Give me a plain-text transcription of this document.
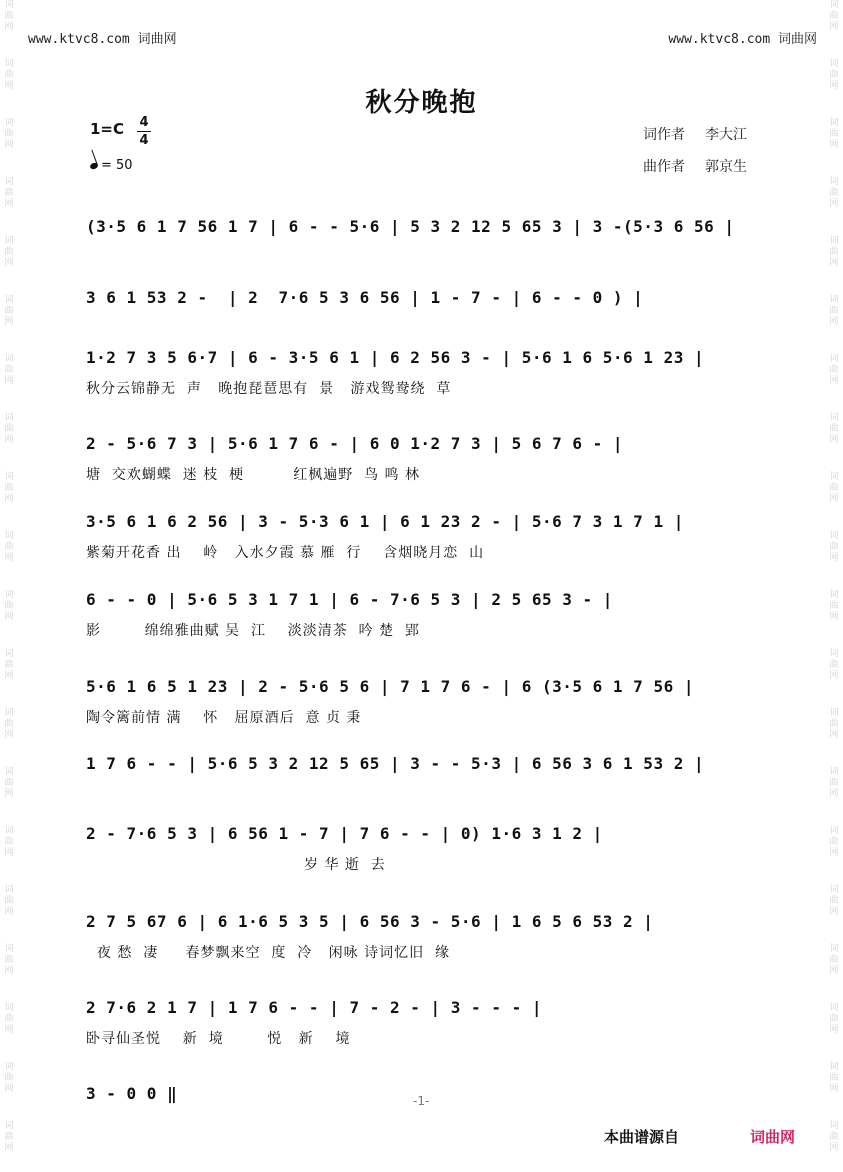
词曲网
词曲网
词曲网
词曲网
词曲网
词曲网
词曲网
词曲网
词曲网
词曲网
词曲网
词曲网
词曲网
词曲网
词曲网
词曲网
词曲网
词曲网
词曲网
词曲网
词曲网
词曲网
词曲网
词曲网
词曲网
词曲网
词曲网
词曲网
词曲网
词曲网
词曲网
词曲网
词曲网
词曲网
词曲网
词曲网
词曲网
词曲网
词曲网
词曲网
www.ktvc8.com 词曲网	www.ktvc8.com 词曲网
秋分晚抱
1=C 4
4
= 50
词作者 李大江
曲作者 郭京生
(3·5 6 1 7 56 1 7 | 6 - - 5·6 | 5 3 2 12 5 65 3 | 3 -(5·3 6 56 |
3 6 1 53 2 -  | 2  7·6 5 3 6 56 | 1 - 7 - | 6 - - 0 ) |
1·2 7 3 5 6·7 | 6 - 3·5 6 1 | 6 2 56 3 - | 5·6 1 6 5·6 1 23 |
秋分云锦静无  声   晚抱琵琶思有  景   游戏鸳鸯绕  草
2 - 5·6 7 3 | 5·6 1 7 6 - | 6 0 1·2 7 3 | 5 6 7 6 - |
塘  交欢蝴蝶  迷 枝  梗         红枫遍野  鸟 鸣 林
3·5 6 1 6 2 56 | 3 - 5·3 6 1 | 6 1 23 2 - | 5·6 7 3 1 7 1 |
紫菊开花香 出    岭   入水夕霞 慕 雁  行    含烟晓月恋  山
6 - - 0 | 5·6 5 3 1 7 1 | 6 - 7·6 5 3 | 2 5 65 3 - |
影        绵绵雅曲赋 吴  江    淡淡清茶  吟 楚  郢
5·6 1 6 5 1 23 | 2 - 5·6 5 6 | 7 1 7 6 - | 6 (3·5 6 1 7 56 |
陶令篱前情 满    怀   屈原酒后  意 贞 秉
1 7 6 - - | 5·6 5 3 2 12 5 65 | 3 - - 5·3 | 6 56 3 6 1 53 2 |
2 - 7·6 5 3 | 6 56 1 - 7 | 7 6 - - | 0) 1·6 3 1 2 |
岁 华 逝  去
2 7 5 67 6 | 6 1·6 5 3 5 | 6 56 3 - 5·6 | 1 6 5 6 53 2 |
夜 愁  凄     春梦飘来空  度  冷   闲咏 诗词忆旧  缘
2 7·6 2 1 7 | 1 7 6 - - | 7 - 2 - | 3 - - - |
卧寻仙圣悦    新  境        悦   新    境
3 - 0 0 ‖	-1-
本曲谱源自	词曲网
